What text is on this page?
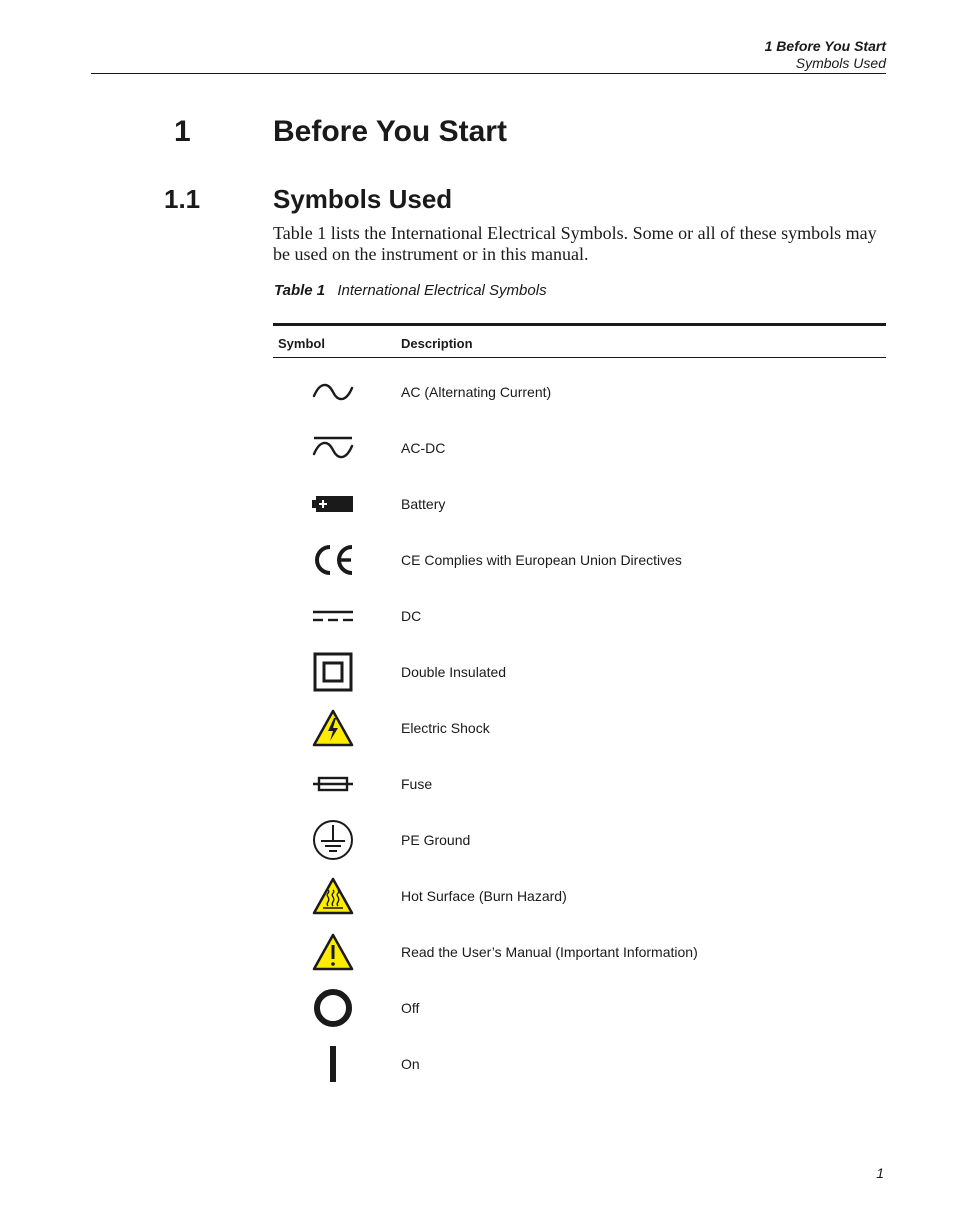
1 Before You Start
Symbols Used
1	Before You Start
1.1	Symbols Used

Table 1 lists the International Electrical Symbols. Some or all of these symbols may be used on the instrument or in this manual.

Table 1 International Electrical Symbols
Symbol	Description
AC (Alternating Current)
AC-DC
Battery
CE Complies with European Union Directives
DC
Double Insulated
Electric Shock
Fuse
PE Ground
Hot Surface (Burn Hazard)
Read the User’s Manual (Important Information)
Off
On
1
